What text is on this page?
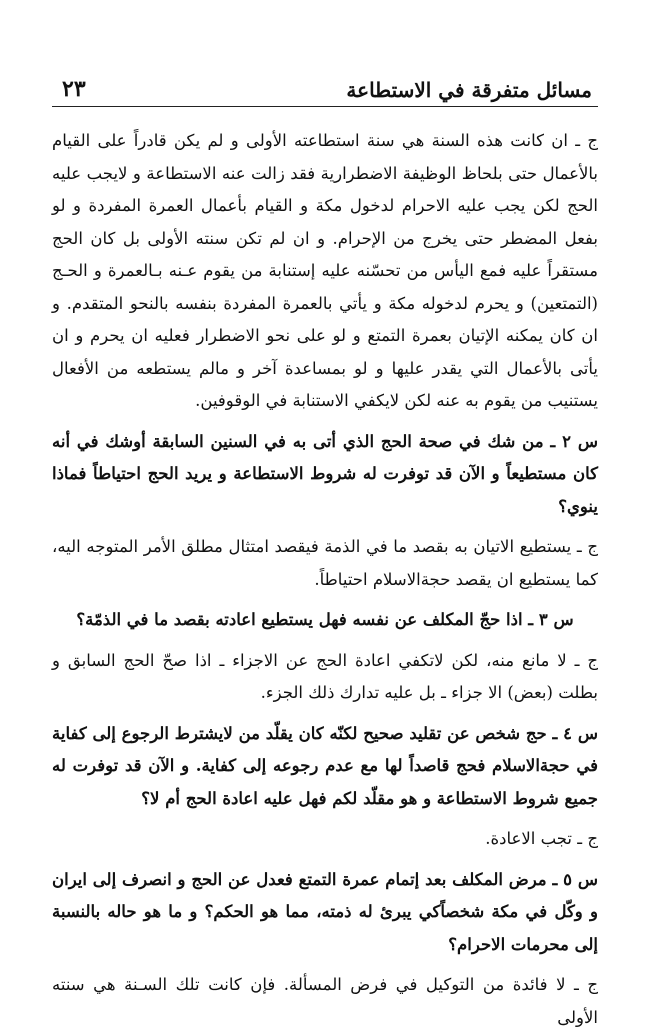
مسائل متفرقة في الاستطاعة
٢٣

ج ـ ان كانت هذه السنة هي سنة استطاعته الأولى و لم يكن قادراً على القيام بالأعمال حتى بلحاظ الوظيفة الاضطرارية فقد زالت عنه الاستطاعة و لايجب عليه الحج لكن يجب عليه الاحرام لدخول مكة و القيام بأعمال العمرة المفردة و لو بفعل المضطر حتى يخرج من الإحرام. و ان لم تكن سنته الأولى بل كان الحج مستقراً عليه فمع اليأس من تحسّنه عليه إستنابة من يقوم عـنه بـالعمرة و الحـج (التمتعين) و يحرم لدخوله مكة و يأتي بالعمرة المفردة بنفسه بالنحو المتقدم. و ان كان يمكنه الإتيان بعمرة التمتع و لو على نحو الاضطرار فعليه ان يحرم و ان يأتى بالأعمال التي يقدر عليها و لو بمساعدة آخر و مالم يستطعه من الأفعال يستنيب من يقوم به عنه لكن لايكفي الاستنابة في الوقوفين.

س ٢ ـ من شك في صحة الحج الذي أتى به في السنين السابقة أوشك في أنه كان مستطيعاً و الآن قد توفرت له شروط الاستطاعة و يريد الحج احتياطاً فماذا ينوي؟

ج ـ يستطيع الاتيان به بقصد ما في الذمة فيقصد امتثال مطلق الأمر المتوجه اليه، كما يستطيع ان يقصد حجةالاسلام احتياطاً.

س ٣ ـ اذا حجّ المكلف عن نفسه فهل يستطيع اعادته بقصد ما في الذمّة؟

ج ـ لا مانع منه، لكن لاتكفي اعادة الحج عن الاجزاء ـ اذا صحّ الحج السابق و بطلت (بعض) الا جزاء ـ بل عليه تدارك ذلك الجزء.

س ٤ ـ حج شخص عن تقليد صحيح لكنّه كان يقلّد من لايشترط الرجوع إلى كفاية في حجةالاسلام فحج قاصداً لها مع عدم رجوعه إلى كفاية. و الآن قد توفرت له جميع شروط الاستطاعة و هو مقلّد لكم فهل عليه اعادة الحج أم لا؟

ج ـ تجب الاعادة.

س ٥ ـ مرض المكلف بعد إتمام عمرة التمتع فعدل عن الحج و انصرف إلى ايران و وكّل في مكة شخصاًكي يبرئ له ذمته، مما هو الحكم؟ و ما هو حاله بالنسبة إلى محرمات الاحرام؟

ج ـ لا فائدة من التوكيل في فرض المسألة. فإن كانت تلك السـنة هي سنته الأولى
